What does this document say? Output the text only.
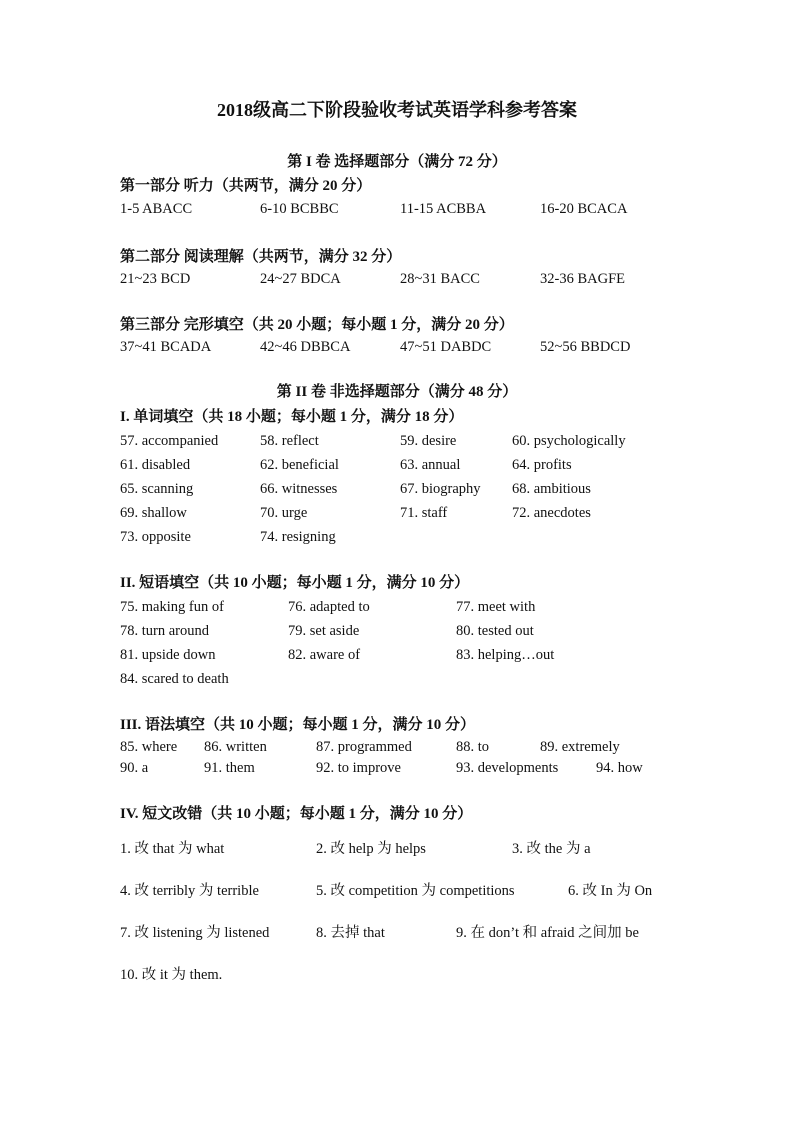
2018级高二下阶段验收考试英语学科参考答案
第 I 卷 选择题部分（满分 72 分）
第一部分 听力（共两节，满分 20 分）
1-5 ABACC	6-10 BCBBC	11-15 ACBBA	16-20 BCACA
第二部分 阅读理解（共两节，满分 32 分）
21~23 BCD	24~27 BDCA	28~31 BACC	32-36 BAGFE
第三部分 完形填空（共 20 小题；每小题 1 分，满分 20 分）
37~41 BCADA	42~46 DBBCA	47~51 DABDC	52~56 BBDCD
第 II 卷 非选择题部分（满分 48 分）
I. 单词填空（共 18 小题；每小题 1 分，满分 18 分）
57. accompanied	58. reflect	59. desire	60. psychologically
61. disabled	62. beneficial	63. annual	64. profits
65. scanning	66. witnesses	67. biography 68. ambitious
69. shallow	70. urge	71. staff	72. anecdotes
73. opposite	74. resigning
II. 短语填空（共 10 小题；每小题 1 分，满分 10 分）
75. making fun of	76. adapted to	77. meet with
78. turn around	79. set aside	80. tested out
81. upside down	82. aware of	83. helping…out
84. scared to death
III. 语法填空（共 10 小题；每小题 1 分，满分 10 分）
85. where 86. written	87. programmed	88. to	89. extremely
90. a	91. them	92. to improve	93. developments	94. how
IV. 短文改错（共 10 小题；每小题 1 分，满分 10 分）
1. 改 that 为 what	2. 改 help 为 helps	3. 改 the 为 a
4. 改 terribly 为 terrible	5. 改 competition 为 competitions	6. 改 In 为 On
7. 改 listening 为 listened	8. 去掉 that	9. 在 don’t 和 afraid 之间加 be
10. 改 it 为 them.
